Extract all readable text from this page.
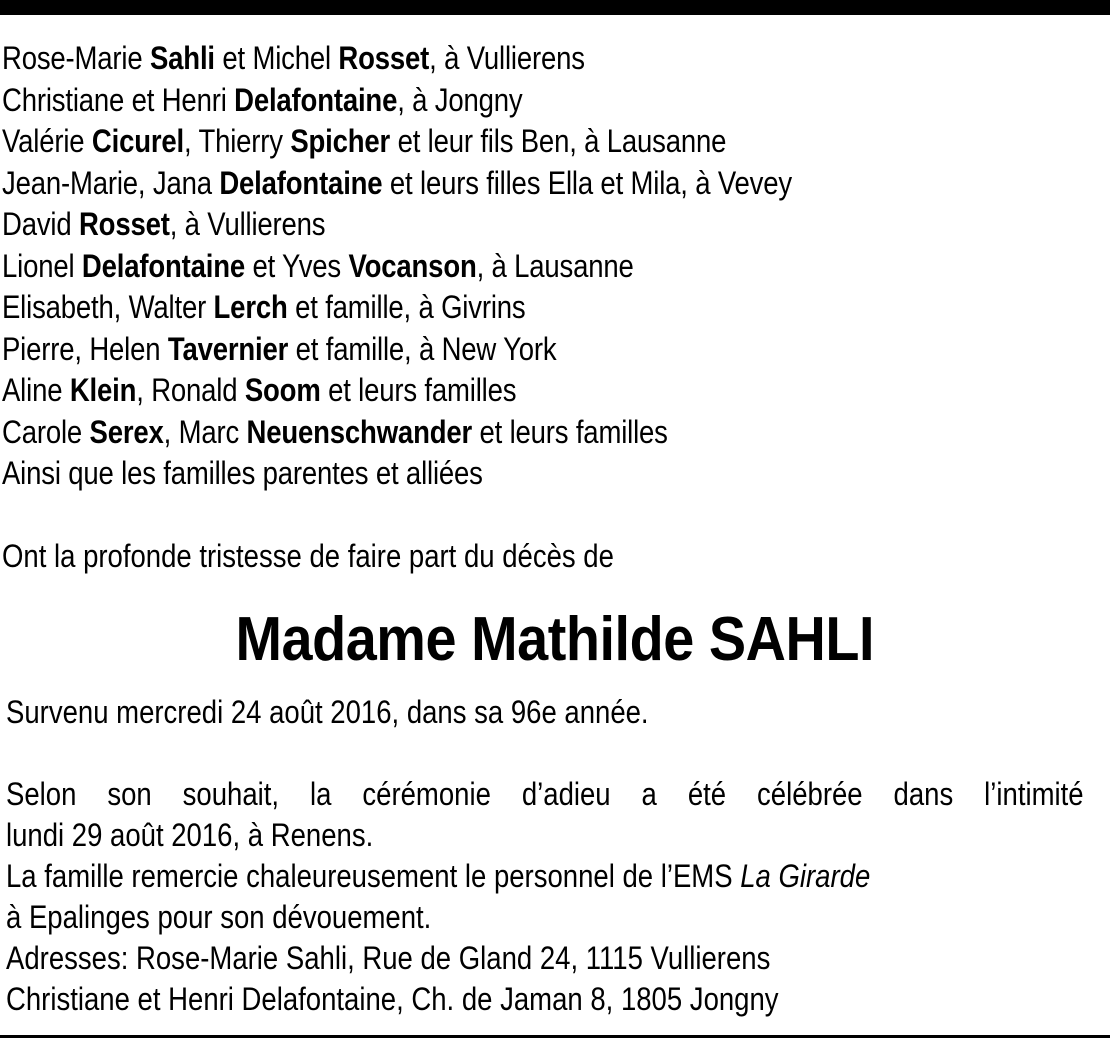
Rose-Marie Sahli et Michel Rosset, à Vullierens
Christiane et Henri Delafontaine, à Jongny
Valérie Cicurel, Thierry Spicher et leur fils Ben, à Lausanne
Jean-Marie, Jana Delafontaine et leurs filles Ella et Mila, à Vevey
David Rosset, à Vullierens
Lionel Delafontaine et Yves Vocanson, à Lausanne
Elisabeth, Walter Lerch et famille, à Givrins
Pierre, Helen Tavernier et famille, à New York
Aline Klein, Ronald Soom et leurs familles
Carole Serex, Marc Neuenschwander et leurs familles
Ainsi que les familles parentes et alliées
Ont la profonde tristesse de faire part du décès de
Madame Mathilde SAHLI
Survenu mercredi 24 août 2016, dans sa 96e année.
Selon son souhait, la cérémonie d’adieu a été célébrée dans l’intimité
lundi 29 août 2016, à Renens.
La famille remercie chaleureusement le personnel de l’EMS La Girarde
à Epalinges pour son dévouement.
Adresses: Rose-Marie Sahli, Rue de Gland 24, 1115 Vullierens
Christiane et Henri Delafontaine, Ch. de Jaman 8, 1805 Jongny
